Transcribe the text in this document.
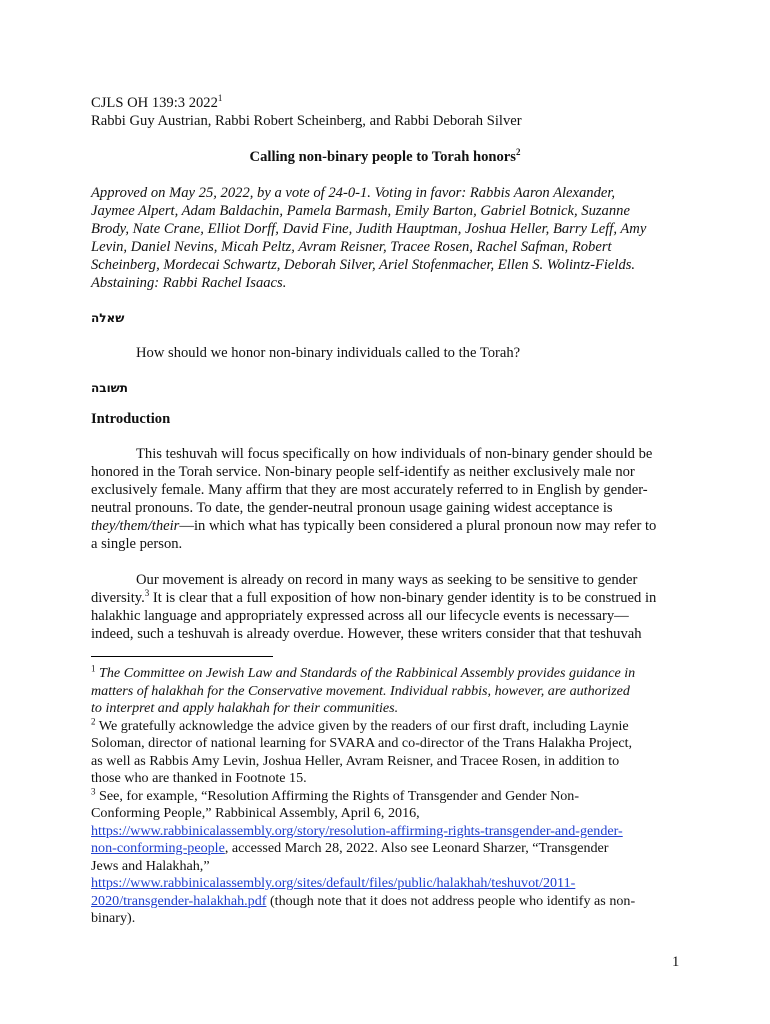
CJLS OH 139:3 2022$^1$
Rabbi Guy Austrian, Rabbi Robert Scheinberg, and Rabbi Deborah Silver
Calling non-binary people to Torah honors$^2$
Approved on May 25, 2022, by a vote of 24-0-1. Voting in favor: Rabbis Aaron Alexander,
Jaymee Alpert, Adam Baldachin, Pamela Barmash, Emily Barton, Gabriel Botnick, Suzanne
Brody, Nate Crane, Elliot Dorff, David Fine, Judith Hauptman, Joshua Heller, Barry Leff, Amy
Levin, Daniel Nevins, Micah Peltz, Avram Reisner, Tracee Rosen, Rachel Safman, Robert
Scheinberg, Mordecai Schwartz, Deborah Silver, Ariel Stofenmacher, Ellen S. Wolintz-Fields.
Abstaining: Rabbi Rachel Isaacs.
שאלה
How should we honor non-binary individuals called to the Torah?
תשובה
Introduction
This teshuvah will focus specifically on how individuals of non-binary gender should be
honored in the Torah service. Non-binary people self-identify as neither exclusively male nor
exclusively female. Many affirm that they are most accurately referred to in English by gender-
neutral pronouns. To date, the gender-neutral pronoun usage gaining widest acceptance is
they/them/their—in which what has typically been considered a plural pronoun now may refer to
a single person.
Our movement is already on record in many ways as seeking to be sensitive to gender
diversity.$^3$ It is clear that a full exposition of how non-binary gender identity is to be construed in
halakhic language and appropriately expressed across all our lifecycle events is necessary—
indeed, such a teshuvah is already overdue. However, these writers consider that that teshuvah
$^1$ The Committee on Jewish Law and Standards of the Rabbinical Assembly provides guidance in
matters of halakhah for the Conservative movement. Individual rabbis, however, are authorized
to interpret and apply halakhah for their communities.
$^2$ We gratefully acknowledge the advice given by the readers of our first draft, including Laynie
Soloman, director of national learning for SVARA and co-director of the Trans Halakha Project,
as well as Rabbis Amy Levin, Joshua Heller, Avram Reisner, and Tracee Rosen, in addition to
those who are thanked in Footnote 15.
$^3$ See, for example, “Resolution Affirming the Rights of Transgender and Gender Non-
Conforming People,” Rabbinical Assembly, April 6, 2016,
https://www.rabbinicalassembly.org/story/resolution-affirming-rights-transgender-and-gender-
non-conforming-people, accessed March 28, 2022. Also see Leonard Sharzer, “Transgender
Jews and Halakhah,”
https://www.rabbinicalassembly.org/sites/default/files/public/halakhah/teshuvot/2011-
2020/transgender-halakhah.pdf (though note that it does not address people who identify as non-
binary).
1
